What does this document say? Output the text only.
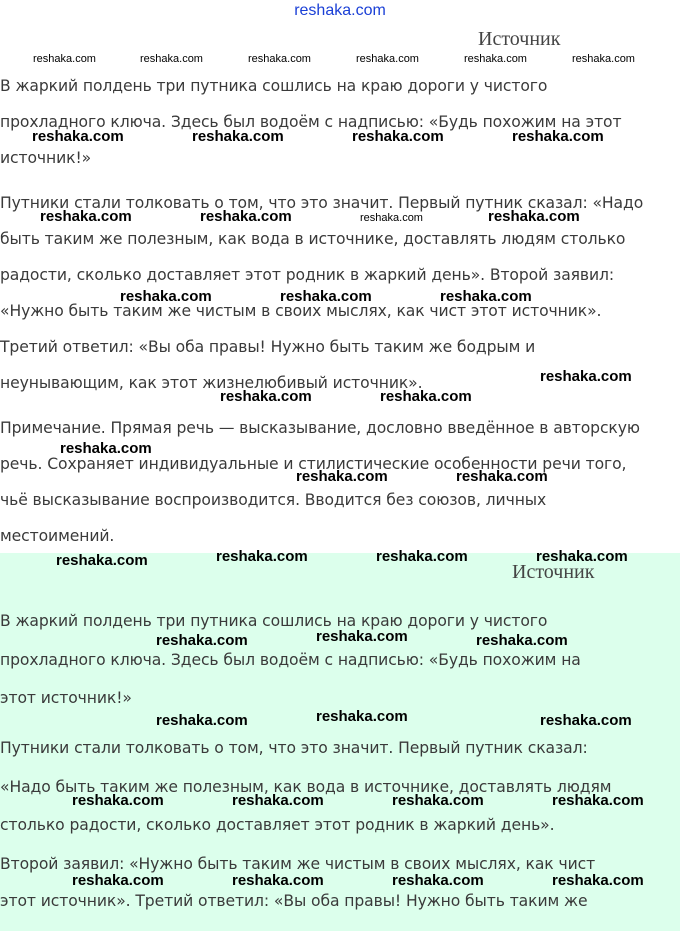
Источник
В жаркий полдень три путника сошлись на краю дороги у чистого
прохладного ключа. Здесь был водоём с надписью: «Будь похожим на этот
источник!»
Путники стали толковать о том, что это значит. Первый путник сказал: «Надо
быть таким же полезным, как вода в источнике, доставлять людям столько
радости, сколько доставляет этот родник в жаркий день». Второй заявил:
«Нужно быть таким же чистым в своих мыслях, как чист этот источник».
Третий ответил: «Вы оба правы! Нужно быть таким же бодрым и
неунывающим, как этот жизнелюбивый источник».
Примечание. Прямая речь — высказывание, дословно введённое в авторскую
речь. Сохраняет индивидуальные и стилистические особенности речи того,
чьё высказывание воспроизводится. Вводится без союзов, личных
местоимений.
Источник
В жаркий полдень три путника сошлись на краю дороги у чистого
прохладного ключа. Здесь был водоём с надписью: «Будь похожим на
этот источник!»
Путники стали толковать о том, что это значит. Первый путник сказал:
«Надо быть таким же полезным, как вода в источнике, доставлять людям
столько радости, сколько доставляет этот родник в жаркий день».
Второй заявил: «Нужно быть таким же чистым в своих мыслях, как чист
этот источник». Третий ответил: «Вы оба правы! Нужно быть таким же
reshaka.com
reshaka.com	reshaka.com	reshaka.com	reshaka.com	reshaka.com	reshaka.com
reshaka.com	reshaka.com	reshaka.com	reshaka.com
reshaka.com	reshaka.com	reshaka.com	reshaka.com
reshaka.com	reshaka.com	reshaka.com
reshaka.com
reshaka.com	reshaka.com
reshaka.com
reshaka.com	reshaka.com
reshaka.com	reshaka.com	reshaka.com	reshaka.com
reshaka.com	reshaka.com	reshaka.com
reshaka.com	reshaka.com	reshaka.com
reshaka.com	reshaka.com	reshaka.com	reshaka.com
reshaka.com	reshaka.com	reshaka.com	reshaka.com
